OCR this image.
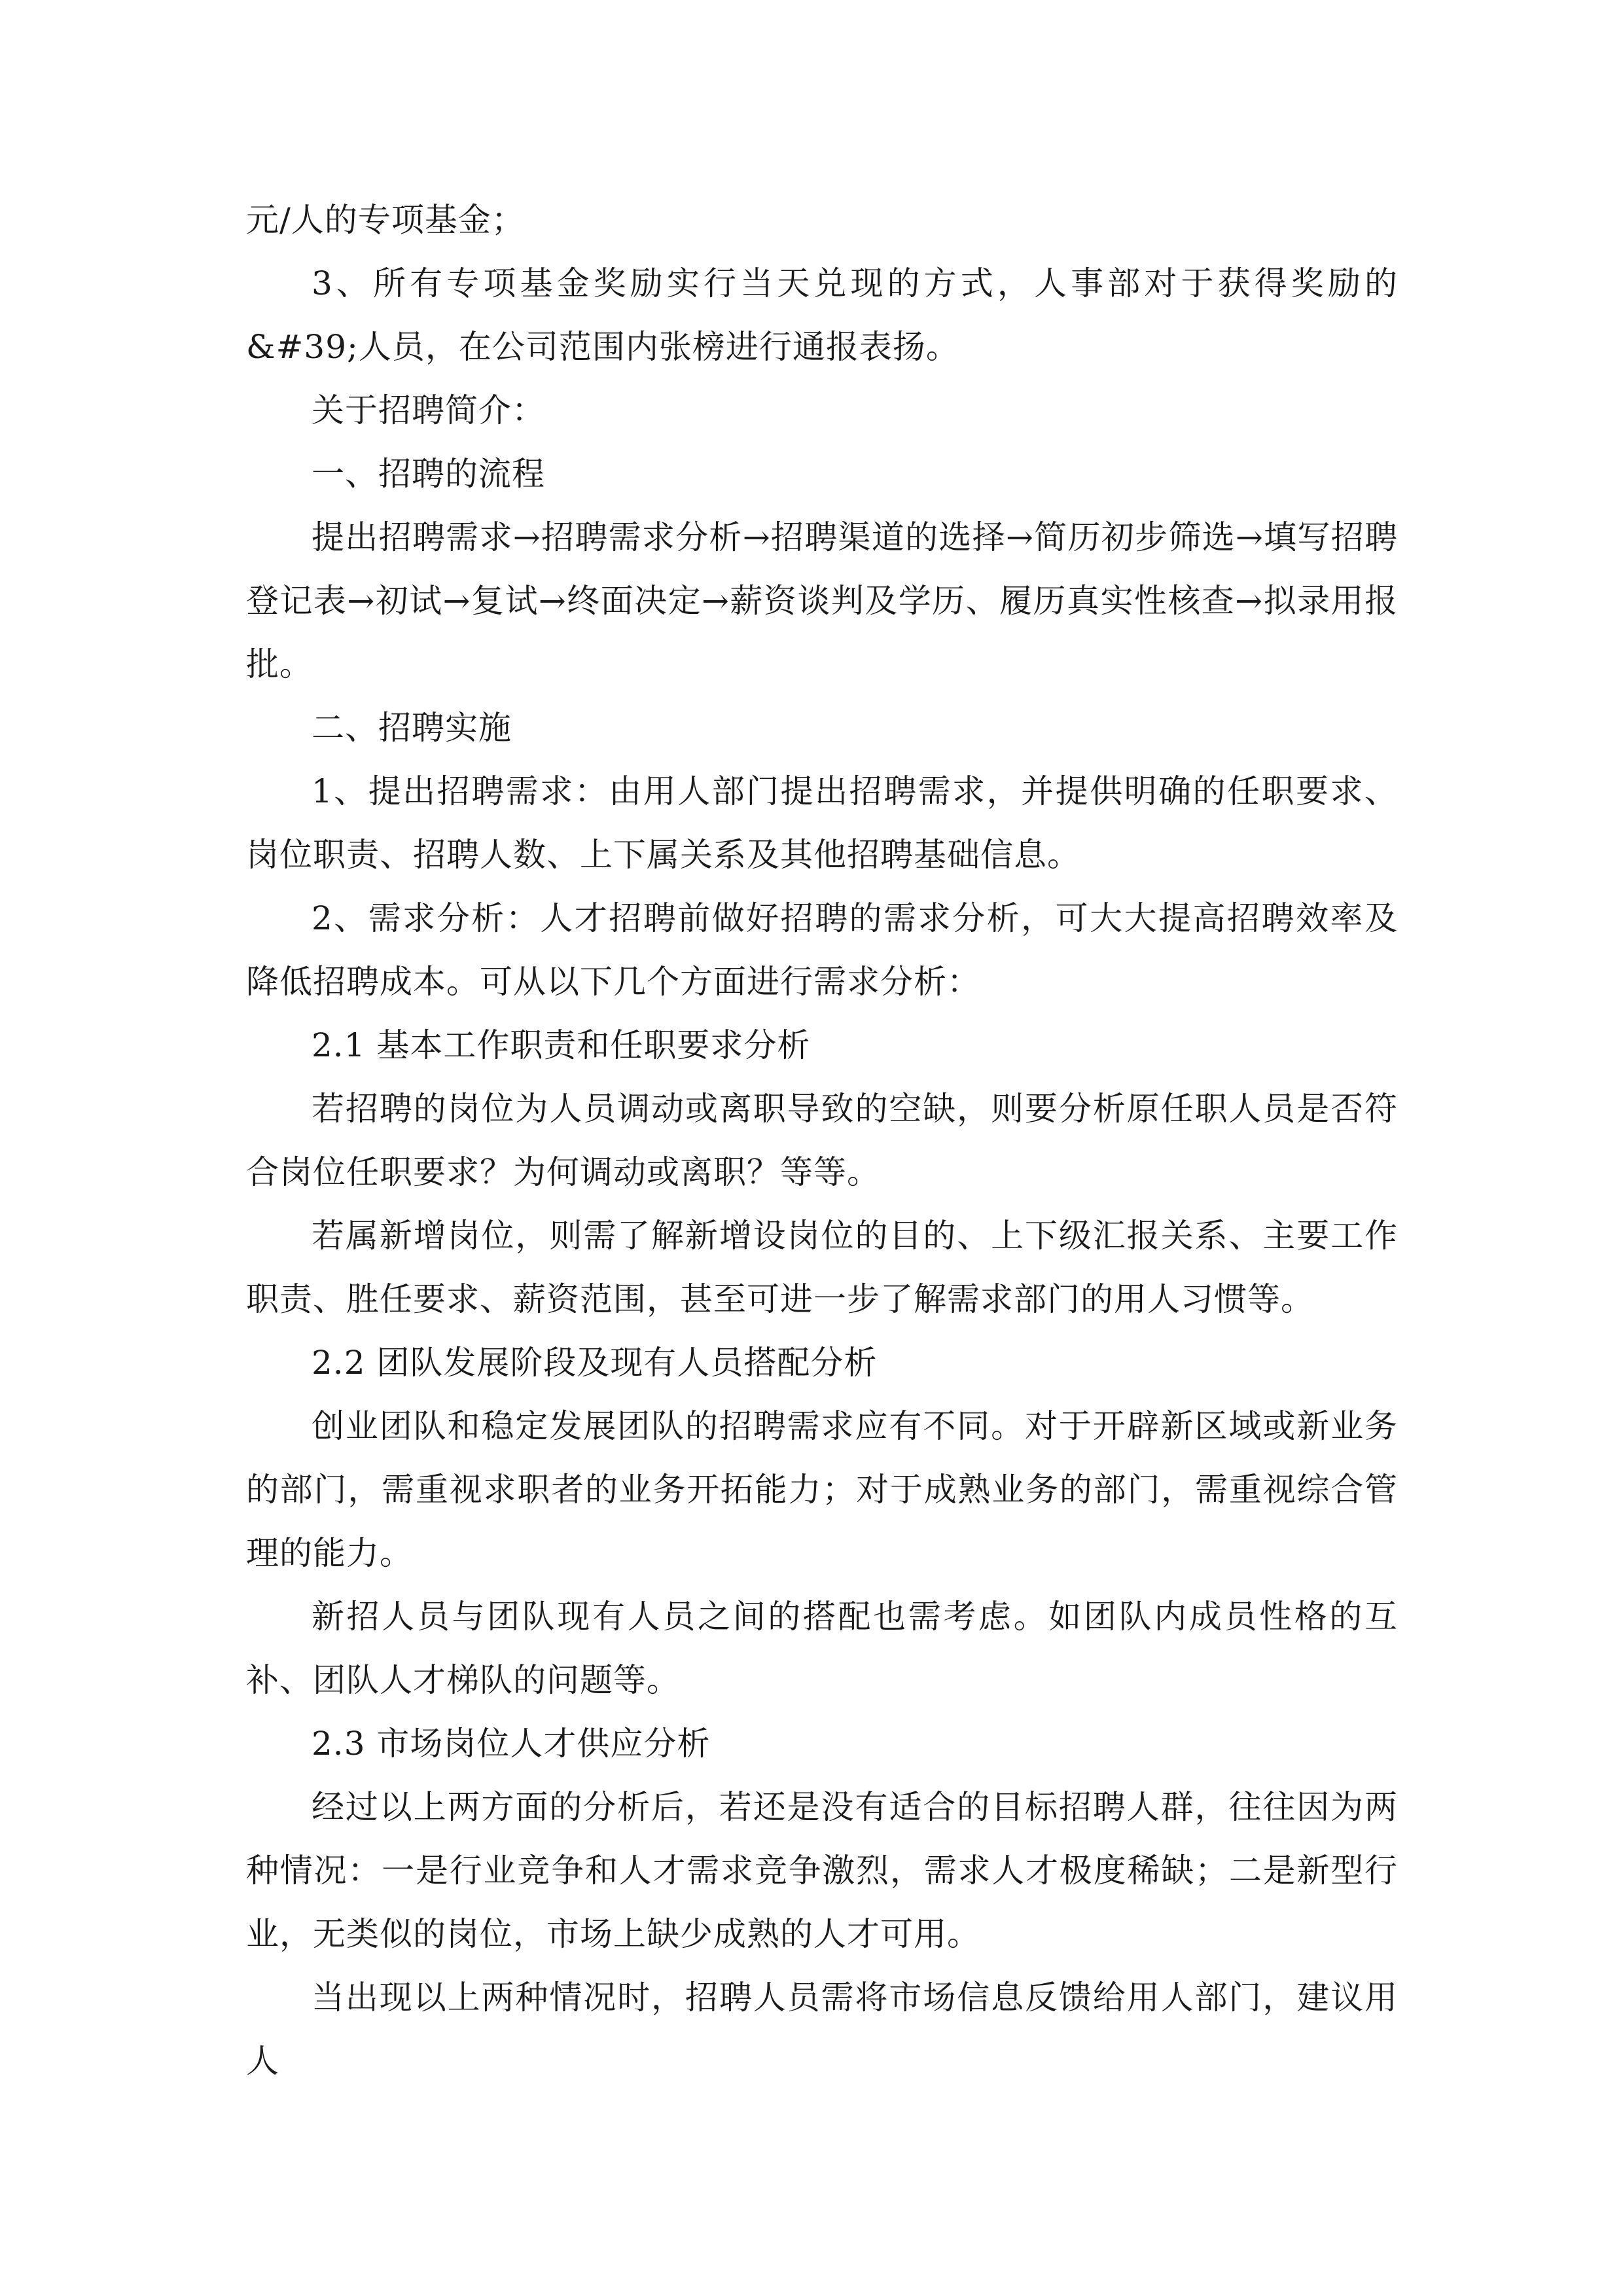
元/人的专项基金；

3、所有专项基金奖励实行当天兑现的方式，人事部对于获得奖励的&#39;人员，在公司范围内张榜进行通报表扬。

关于招聘简介：

一、招聘的流程

提出招聘需求→招聘需求分析→招聘渠道的选择→简历初步筛选→填写招聘登记表→初试→复试→终面决定→薪资谈判及学历、履历真实性核查→拟录用报批。

二、招聘实施

1、提出招聘需求：由用人部门提出招聘需求，并提供明确的任职要求、岗位职责、招聘人数、上下属关系及其他招聘基础信息。

2、需求分析：人才招聘前做好招聘的需求分析，可大大提高招聘效率及降低招聘成本。可从以下几个方面进行需求分析：

2.1 基本工作职责和任职要求分析

若招聘的岗位为人员调动或离职导致的空缺，则要分析原任职人员是否符合岗位任职要求？为何调动或离职？等等。

若属新增岗位，则需了解新增设岗位的目的、上下级汇报关系、主要工作职责、胜任要求、薪资范围，甚至可进一步了解需求部门的用人习惯等。

2.2 团队发展阶段及现有人员搭配分析

创业团队和稳定发展团队的招聘需求应有不同。对于开辟新区域或新业务的部门，需重视求职者的业务开拓能力；对于成熟业务的部门，需重视综合管理的能力。

新招人员与团队现有人员之间的搭配也需考虑。如团队内成员性格的互补、团队人才梯队的问题等。

2.3 市场岗位人才供应分析

经过以上两方面的分析后，若还是没有适合的目标招聘人群，往往因为两种情况：一是行业竞争和人才需求竞争激烈，需求人才极度稀缺；二是新型行业，无类似的岗位，市场上缺少成熟的人才可用。

当出现以上两种情况时，招聘人员需将市场信息反馈给用人部门，建议用人
